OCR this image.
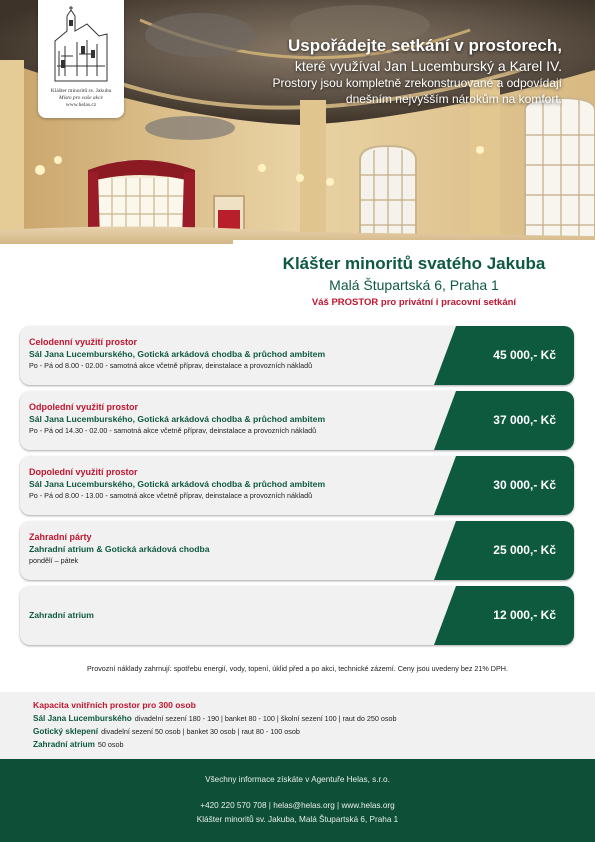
Uspořádejte setkání v prostorech,
které využíval Jan Lucemburský a Karel IV.
Prostory jsou kompletně zrekonstruované a odpovídají
dnešním nejvyšším nárokům na komfort.
Klášter minoritů sv. Jakuba
Místo pro vaše akce
www.helas.cz
Klášter minoritů svatého Jakuba
Malá Štupartská 6, Praha 1
Váš PROSTOR pro privátní i pracovní setkání
Celodenní využití prostor
Sál Jana Lucemburského, Gotická arkádová chodba & průchod ambitem
Po - Pá od 8.00 - 02.00 - samotná akce včetně příprav, deinstalace a provozních nákladů
45 000,- Kč
Odpolední využití prostor
Sál Jana Lucemburského, Gotická arkádová chodba & průchod ambitem
Po - Pá od 14.30 - 02.00 - samotná akce včetně příprav, deinstalace a provozních nákladů
37 000,- Kč
Dopolední využití prostor
Sál Jana Lucemburského, Gotická arkádová chodba & průchod ambitem
Po - Pá od 8.00 - 13.00 - samotná akce včetně příprav, deinstalace a provozních nákladů
30 000,- Kč
Zahradní párty
Zahradní atrium & Gotická arkádová chodba
pondělí – pátek
25 000,- Kč
Zahradní atrium	12 000,- Kč
Provozní náklady zahrnují: spotřebu energií, vody, topení, úklid před a po akci, technické zázemí. Ceny jsou uvedeny bez 21% DPH.
Kapacita vnitřních prostor pro 300 osob
Sál Jana Lucemburského divadelní sezení 180 - 190 | banket 80 - 100 | školní sezení 100 | raut do 250 osob
Gotický sklepení divadelní sezení 50 osob | banket 30 osob | raut 80 - 100 osob
Zahradní atrium 50 osob
Všechny informace získáte v Agentuře Helas, s.r.o.
+420 220 570 708 | helas@helas.org | www.helas.org
Klášter minoritů sv. Jakuba, Malá Štupartská 6, Praha 1
